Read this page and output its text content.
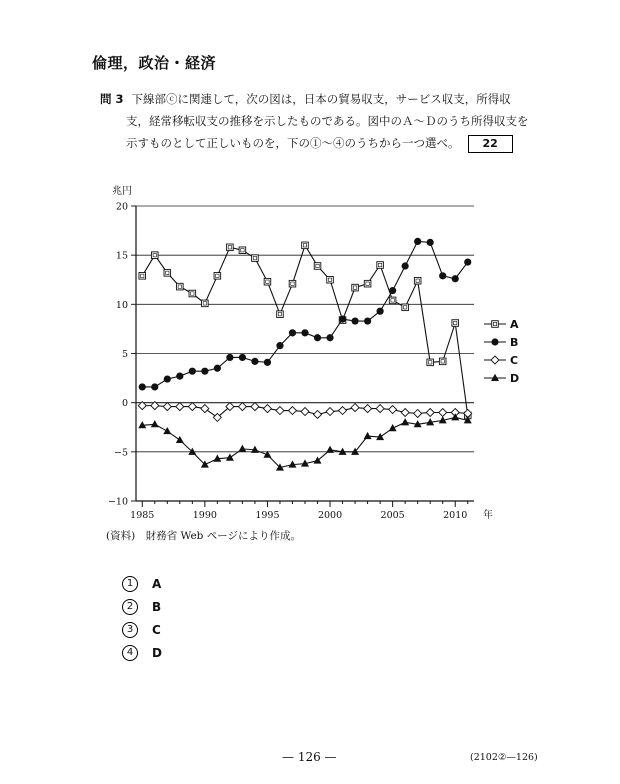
倫理，政治・経済
問 3 下線部ⓒに関連して，次の図は，日本の貿易収支，サービス収支，所得収
支，経常移転収支の推移を示したものである。図中のＡ～Ｄのうち所得収支を
示すものとして正しいものを，下の①～④のうちから一つ選べ。 22
兆円
20
15
10
5
0
−5
−10
1985	1990	1995	2000	2005	2010 年
A
B
C
D
(資料)　財務省 Web ページにより作成。
1	A
2	B
3	C
4	D
— 126 —	(2102②—126)
